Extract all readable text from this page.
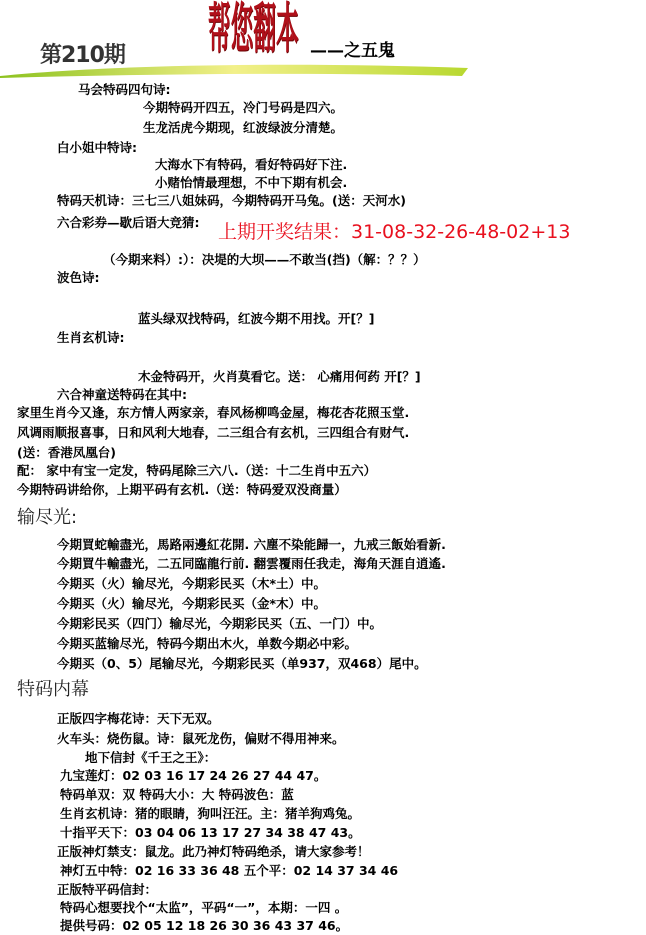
第210期 帮您翻本 ——之五鬼
上期开奖结果：31-08-32-26-48-02+13
马会特码四句诗:
今期特码开四五，冷门号码是四六。
生龙活虎今期现，红波绿波分清楚。
白小姐中特诗:
大海水下有特码，看好特码好下注.
小赌怡情最理想，不中下期有机会.
特码天机诗：三七三八姐妹码，今期特码开马兔。(送：天河水)
六合彩券—歇后语大竞猜:
（今期来料）:）：决堤的大坝——不敢当(挡)（解：？？）
波色诗:
蓝头绿双找特码，红波今期不用找。开[？]
生肖玄机诗:
木金特码开，火肖莫看它。送： 心痛用何药 开[？]
六合神童送特码在其中:
家里生肖今又逢，东方情人两家亲，春风杨柳鸣金屋，梅花杏花照玉堂.
风调雨顺报喜事，日和风利大地春，二三组合有玄机，三四组合有财气.
(送：香港凤凰台)
配： 家中有宝一定发，特码尾除三六八.（送：十二生肖中五六）
今期特码讲给你，上期平码有玄机.（送：特码爱双没商量）
输尽光:
今期買蛇輸盡光，馬路兩邊紅花開. 六塵不染能歸一，九戒三飯始看新.
今期買牛輸盡光，二五同臨龍行前. 翻雲覆雨任我走，海角天涯自逍遙.
今期买（火）输尽光，今期彩民买（木*土）中。
今期买（火）输尽光，今期彩民买（金*木）中。
今期彩民买（四门）输尽光，今期彩民买（五、一门）中。
今期买蓝输尽光，特码今期出木火，单数今期必中彩。
今期买（0、5）尾输尽光，今期彩民买（单937，双468）尾中。
特码内幕
正版四字梅花诗：天下无双。
火车头：烧伤鼠。诗：鼠死龙伤，偏财不得用神来。
地下信封《千王之王》：
九宝莲灯：02 03 16 17 24 26 27 44 47。
特码单双：双 特码大小：大 特码波色：蓝
生肖玄机诗：猪的眼睛，狗叫汪汪。主：猪羊狗鸡兔。
十指平天下：03 04 06 13 17 27 34 38 47 43。
正版神灯禁支：鼠龙。此乃神灯特码绝杀，请大家参考！
神灯五中特：02 16 33 36 48 五个平：02 14 37 34 46
正版特平码信封：
特码心想要找个“太监”，平码“一”，本期：一四 。
提供号码：02 05 12 18 26 30 36 43 37 46。
